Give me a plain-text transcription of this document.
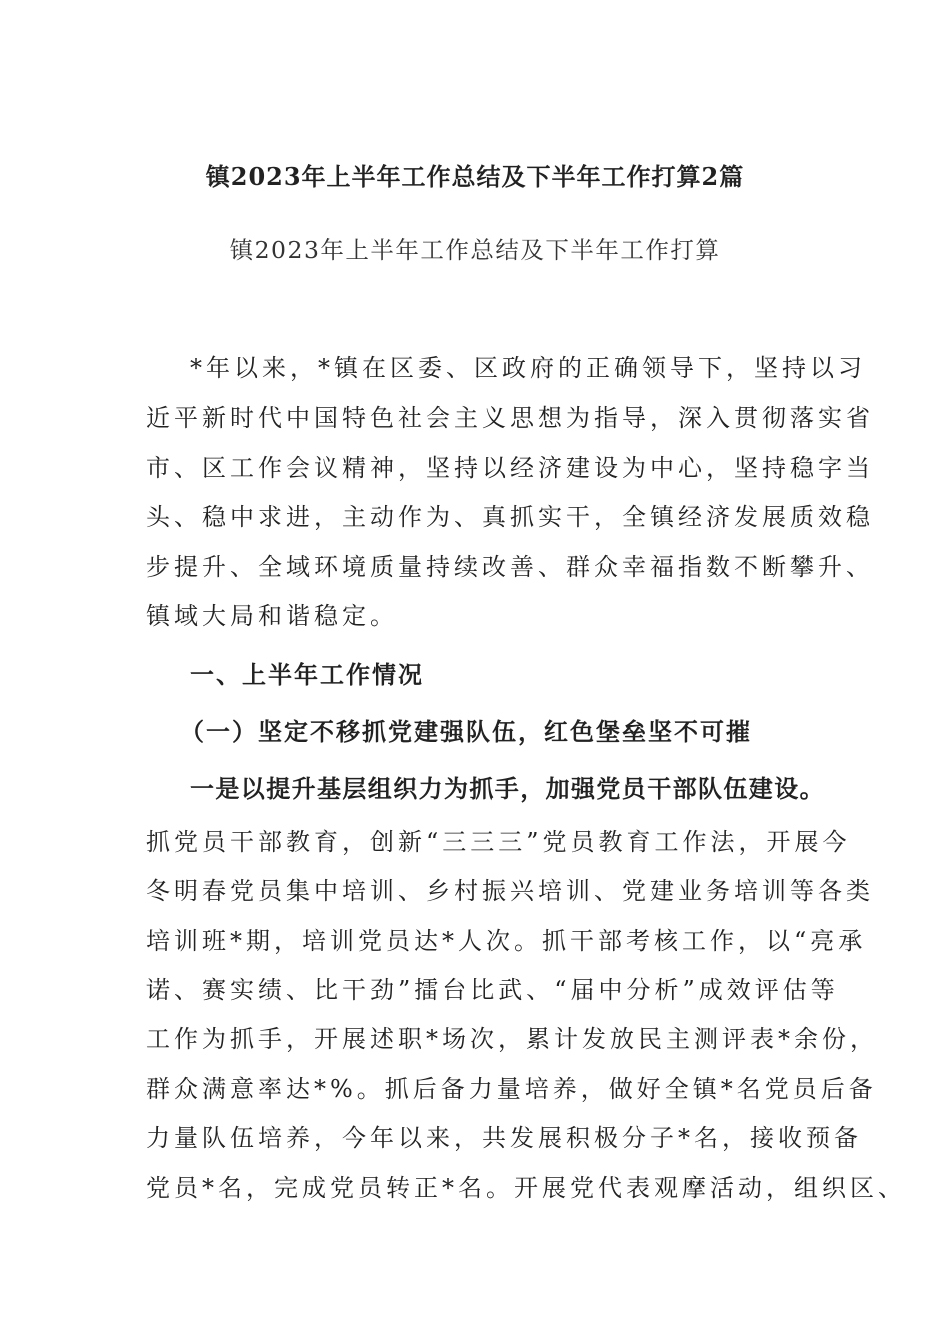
镇2023年上半年工作总结及下半年工作打算2篇
镇2023年上半年工作总结及下半年工作打算
*年以来，*镇在区委、区政府的正确领导下，坚持以习
近平新时代中国特色社会主义思想为指导，深入贯彻落实省
市、区工作会议精神，坚持以经济建设为中心，坚持稳字当
头、稳中求进，主动作为、真抓实干，全镇经济发展质效稳
步提升、全域环境质量持续改善、群众幸福指数不断攀升、
镇域大局和谐稳定。
一、上半年工作情况
（一）坚定不移抓党建强队伍，红色堡垒坚不可摧
一是以提升基层组织力为抓手，加强党员干部队伍建设。
抓党员干部教育，创新“三三三”党员教育工作法，开展今
冬明春党员集中培训、乡村振兴培训、党建业务培训等各类
培训班*期，培训党员达*人次。抓干部考核工作，以“亮承
诺、赛实绩、比干劲”擂台比武、“届中分析”成效评估等
工作为抓手，开展述职*场次，累计发放民主测评表*余份，
群众满意率达*%。抓后备力量培养，做好全镇*名党员后备
力量队伍培养，今年以来，共发展积极分子*名，接收预备
党员*名，完成党员转正*名。开展党代表观摩活动，组织区、
